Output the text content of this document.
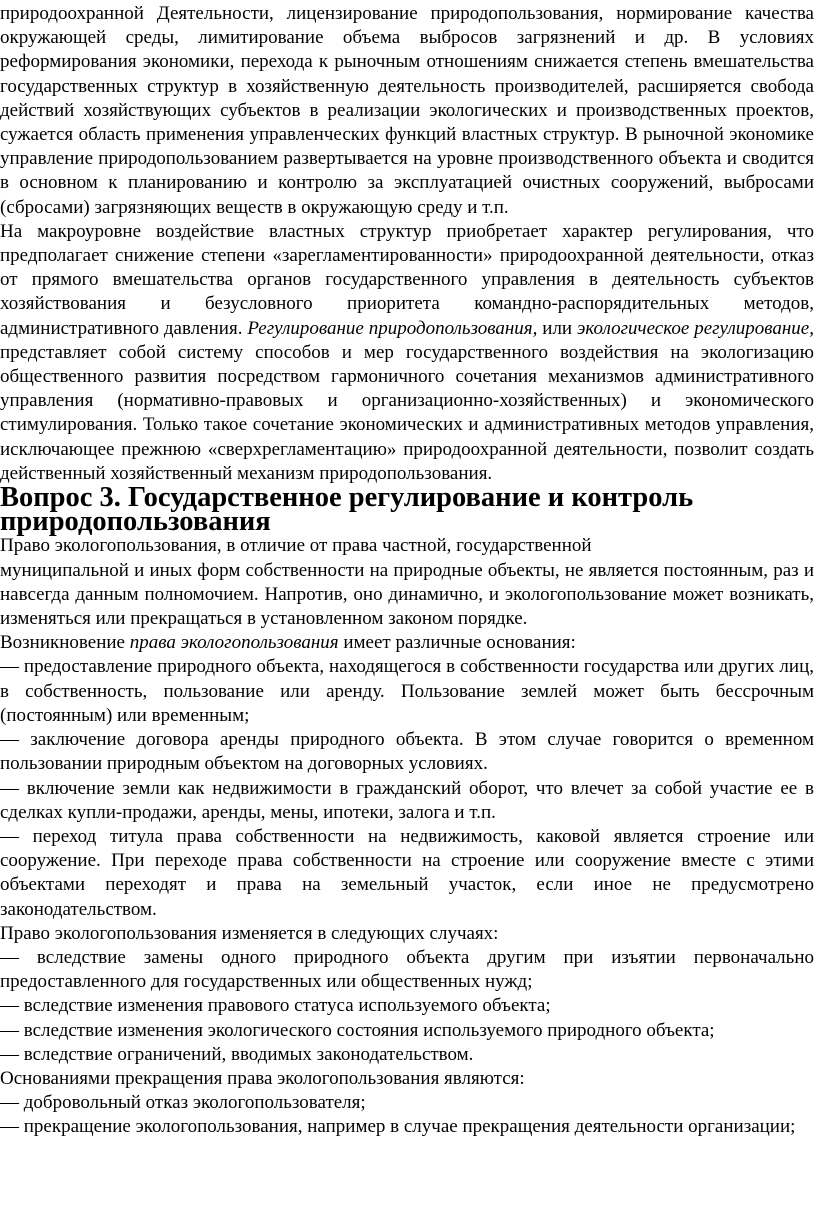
природоохранной Деятельности, лицензирование природопользования, нормирование качества окружающей среды, лимитирование объема выбросов загрязнений и др. В условиях реформирования экономики, перехода к рыночным отношениям снижается степень вмешательства государственных структур в хозяйственную деятельность производителей, расширяется свобода действий хозяйствующих субъектов в реализации экологических и производственных проектов, сужается область применения управленческих функций властных структур. В рыночной экономике управление природопользованием развертывается на уровне производственного объекта и сводится в основном к планированию и контролю за эксплуатацией очистных сооружений, выбросами (сбросами) загрязняющих веществ в окружающую среду и т.п.

На макроуровне воздействие властных структур приобретает характер регулирования, что предполагает снижение степени «зарегламентированности» природоохранной деятельности, отказ от прямого вмешательства органов государственного управления в деятельность субъектов хозяйствования и безусловного приоритета командно-распорядительных методов, административного давления. Регулирование природопользования, или экологическое регулирование, представляет собой систему способов и мер государственного воздействия на экологизацию общественного развития посредством гармоничного сочетания механизмов административного управления (нормативно-правовых и организационно-хозяйственных) и экономического стимулирования. Только такое сочетание экономических и административных методов управления, исключающее прежнюю «сверхрегламентацию» природоохранной деятельности, позволит создать действенный хозяйственный механизм природопользования.

Вопрос 3. Государственное регулирование и контроль природопользования

Право экологопользования, в отличие от права частной, государственной

муниципальной и иных форм собственности на природные объекты, не является постоянным, раз и навсегда данным полномочием. Напротив, оно динамично, и экологопользование может возникать, изменяться или прекращаться в установленном законом порядке.

Возникновение права экологопользования имеет различные основания:

— предоставление природного объекта, находящегося в собственности государства или других лиц, в собственность, пользование или аренду. Пользование землей может быть бессрочным (постоянным) или временным;

— заключение договора аренды природного объекта. В этом случае говорится о временном пользовании природным объектом на договорных условиях.

— включение земли как недвижимости в гражданский оборот, что влечет за собой участие ее в сделках купли-продажи, аренды, мены, ипотеки, залога и т.п.

— переход титула права собственности на недвижимость, каковой является строение или сооружение. При переходе права собственности на строение или сооружение вместе с этими объектами переходят и права на земельный участок, если иное не предусмотрено законодательством.

Право экологопользования изменяется в следующих случаях:

— вследствие замены одного природного объекта другим при изъятии первоначально предоставленного для государственных или общественных нужд;

— вследствие изменения правового статуса используемого объекта;

— вследствие изменения экологического состояния используемого природного объекта;

— вследствие ограничений, вводимых законодательством.

Основаниями прекращения права экологопользования являются:

— добровольный отказ экологопользователя;

— прекращение экологопользования, например в случае прекращения деятельности организации;
